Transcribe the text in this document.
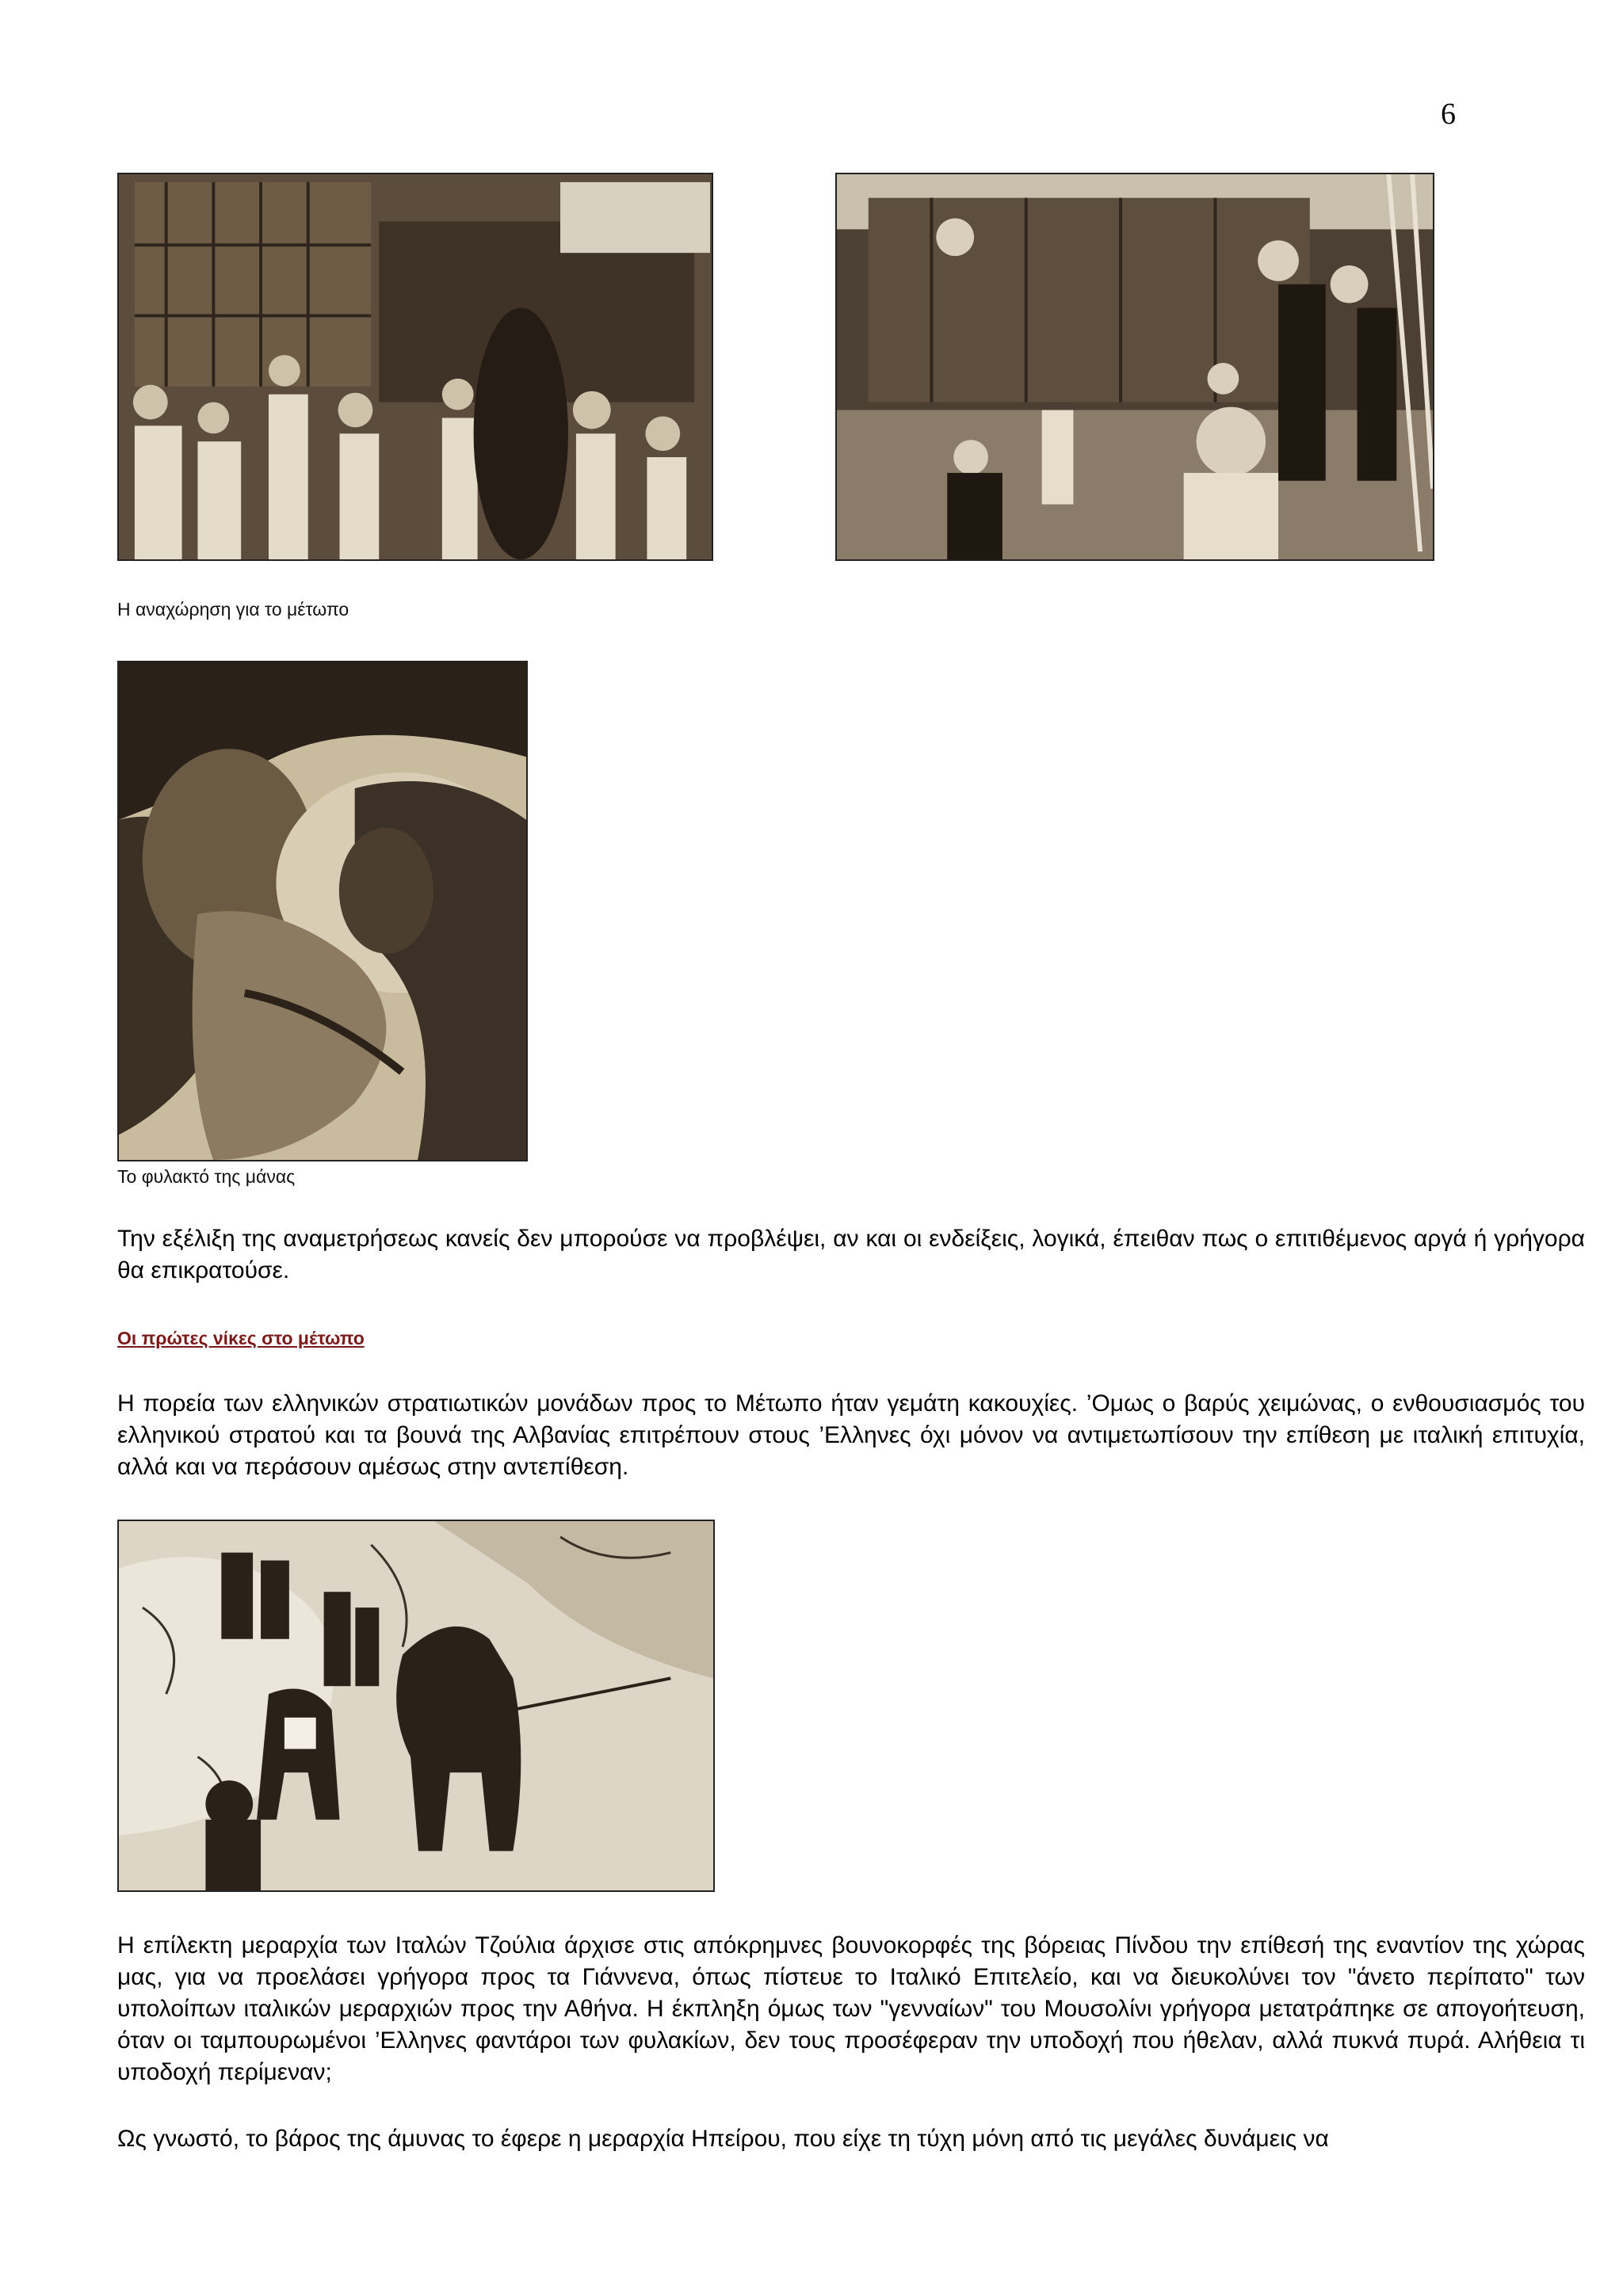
6
Η αναχώρηση για το μέτωπο
Το φυλακτό της μάνας

Την εξέλιξη της αναμετρήσεως κανείς δεν μπορούσε να προβλέψει, αν και οι ενδείξεις, λογικά, έπειθαν πως ο επιτιθέμενος αργά ή γρήγορα θα επικρατούσε.

Οι πρώτες νίκες στο μέτωπο

Η πορεία των ελληνικών στρατιωτικών μονάδων προς το Μέτωπο ήταν γεμάτη κακουχίες. ’Ομως ο βαρύς χειμώνας, ο ενθουσιασμός του ελληνικού στρατού και τα βουνά της Αλβανίας επιτρέπουν στους ’Ελληνες όχι μόνον να αντιμετωπίσουν την επίθεση με ιταλική επιτυχία, αλλά και να περάσουν αμέσως στην αντεπίθεση.

Η επίλεκτη μεραρχία των Ιταλών Τζούλια άρχισε στις απόκρημνες βουνοκορφές της βόρειας Πίνδου την επίθεσή της εναντίον της χώρας μας, για να προελάσει γρήγορα προς τα Γιάννενα, όπως πίστευε το Ιταλικό Επιτελείο, και να διευκολύνει τον "άνετο περίπατο" των υπολοίπων ιταλικών μεραρχιών προς την Αθήνα. Η έκπληξη όμως των "γενναίων" του Μουσολίνι γρήγορα μετατράπηκε σε απογοήτευση, όταν οι ταμπουρωμένοι ’Ελληνες φαντάροι των φυλακίων, δεν τους προσέφεραν την υποδοχή που ήθελαν, αλλά πυκνά πυρά. Αλήθεια τι υποδοχή περίμεναν;

Ως γνωστό, το βάρος της άμυνας το έφερε η μεραρχία Ηπείρου, που είχε τη τύχη μόνη από τις μεγάλες δυνάμεις να
